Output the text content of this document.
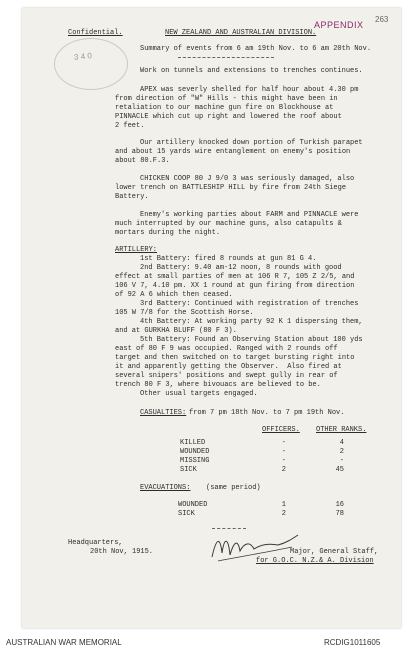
Confidential.	NEW ZEALAND AND AUSTRALIAN DIVISION.
APPENDIX
263
3 4 0
Summary of events from 6 am 19th Nov. to 6 am 20th Nov.
Work on tunnels and extensions to trenches continues.
APEX was severly shelled for half hour about 4.30 pm
from direction of "W" Hills - this might have been in
retaliation to our machine gun fire on Blockhouse at
PINNACLE which cut up right and lowered the roof about
2 feet.
Our artillery knocked down portion of Turkish parapet
and about 15 yards wire entanglement on enemy's position
about 80.F.3.
CHICKEN COOP 80 J 9/0 3 was seriously damaged, also
lower trench on BATTLESHIP HILL by fire from 24th Siege
Battery.
Enemy's working parties about FARM and PINNACLE were
much interrupted by our machine guns, also catapults &
mortars during the night.
ARTILLERY:
1st Battery: fired 8 rounds at gun 81 G 4.
2nd Battery: 9.40 am-12 noon, 8 rounds with good
effect at small parties of men at 106 R 7, 105 Z 2/5, and
106 V 7, 4.10 pm. XX 1 round at gun firing from direction
of 92 A 6 which then ceased.
3rd Battery: Continued with registration of trenches
105 W 7/8 for the Scottish Horse.
4th Battery: At working party 92 K 1 dispersing them,
and at GURKHA BLUFF (80 F 3).
5th Battery: Found an Observing Station about 100 yds
east of 80 F 9 was occupied. Ranged with 2 rounds off
target and then switched on to target bursting right into
it and apparently getting the Observer.  Also fired at
several snipers' positions and swept gully in rear of
trench 80 F 3, where bivouacs are believed to be.
Other usual targets engaged.
CASUALTIES: from 7 pm 18th Nov. to 7 pm 19th Nov.
OFFICERS. OTHER RANKS.
KILLED	-	4
WOUNDED	-	2
MISSING	-	-
SICK	2	45
EVACUATIONS: (same period)
WOUNDED	1	16
SICK	2	78
Headquarters,
20th Nov, 1915.	Major, General Staff,
for G.O.C. N.Z.& A. Division
AUSTRALIAN WAR MEMORIAL	RCDIG1011605
